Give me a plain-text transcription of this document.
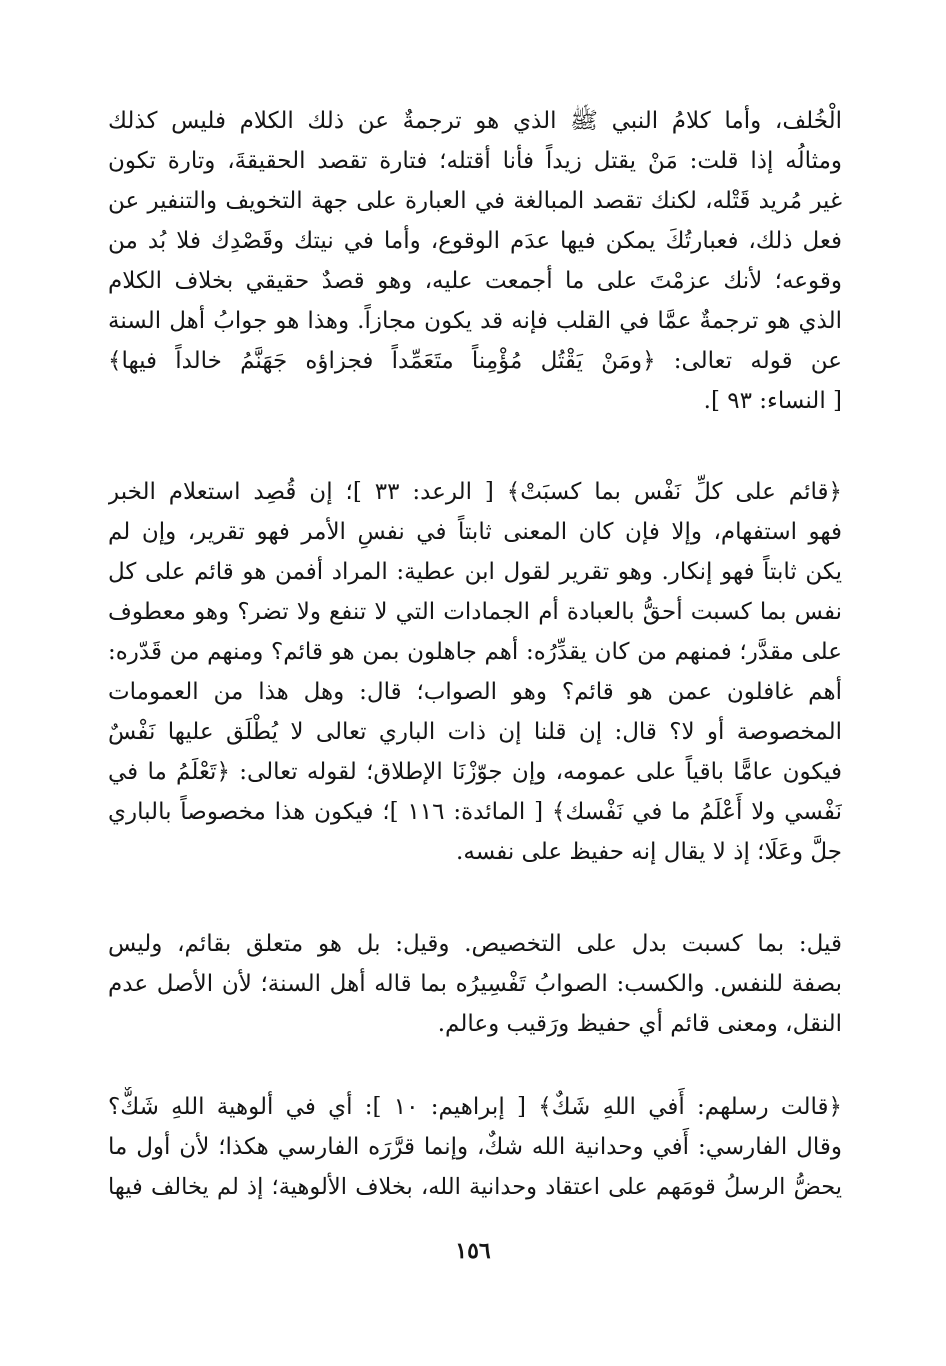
الْخُلف، وأما كلامُ النبي ﷺ الذي هو ترجمةٌ عن ذلك الكلام فليس كذلك
ومثالُه إذا قلت: مَنْ يقتل زيداً فأنا أقتله؛ فتارة تقصد الحقيقةَ، وتارة تكون
غير مُريد قَتْله، لكنك تقصد المبالغة في العبارة على جهة التخويف والتنفير عن
فعل ذلك، فعبارتُكَ يمكن فيها عدَم الوقوع، وأما في نيتك وقَصْدِك فلا بُد من
وقوعه؛ لأنك عزمْتَ على ما أجمعت عليه، وهو قصدٌ حقيقي بخلاف الكلام
الذي هو ترجمةٌ عمَّا في القلب فإنه قد يكون مجازاً. وهذا هو جوابُ أهل السنة
عن قوله تعالى: ﴿ومَنْ يَقْتُل مُؤْمِناً متَعَمِّداً فجزاؤه جَهَنَّمُ خالداً فيها﴾
[ النساء: ٩٣ ].
﴿قائم على كلِّ نَفْس بما كسبَتْ﴾ [ الرعد: ٣٣ ]؛ إن قُصِد استعلام الخبر
فهو استفهام، وإلا فإن كان المعنى ثابتاً في نفسِ الأمر فهو تقرير، وإن لم
يكن ثابتاً فهو إنكار. وهو تقرير لقول ابن عطية: المراد أفمن هو قائم على كل
نفس بما كسبت أحقُّ بالعبادة أم الجمادات التي لا تنفع ولا تضر؟ وهو معطوف
على مقدَّر؛ فمنهم من كان يقدِّرُه: أهم جاهلون بمن هو قائم؟ ومنهم من قَدّره:
أهم غافلون عمن هو قائم؟ وهو الصواب؛ قال: وهل هذا من العمومات
المخصوصة أو لا؟ قال: إن قلنا إن ذات الباري تعالى لا يُطْلَق عليها نَفْسٌ
فيكون عامًّا باقياً على عمومه، وإن جوّزْنَا الإطلاق؛ لقوله تعالى: ﴿تَعْلَمُ ما في
نَفْسي ولا أَعْلَمُ ما في نَفْسك﴾ [ المائدة: ١١٦ ]؛ فيكون هذا مخصوصاً بالباري
جلَّ وعَلَا؛ إذ لا يقال إنه حفيظ على نفسه.
قيل: بما كسبت بدل على التخصيص. وقيل: بل هو متعلق بقائم، وليس
بصفة للنفس. والكسب: الصوابُ تَفْسِيرُه بما قاله أهل السنة؛ لأن الأصل عدم
النقل، ومعنى قائم أي حفيظ ورَقيب وعالم.
﴿قالت رسلهم: أَفي اللهِ شَكٌ﴾ [ إبراهيم: ١٠ ]: أي في ألوهية اللهِ شَكٌّ؟
وقال الفارسي: أَفي وحدانية الله شكٌ، وإنما قرَّرَه الفارسي هكذا؛ لأن أول ما
يحضُّ الرسلُ قومَهم على اعتقاد وحدانية الله، بخلاف الألوهية؛ إذ لم يخالف فيها
١٥٦
